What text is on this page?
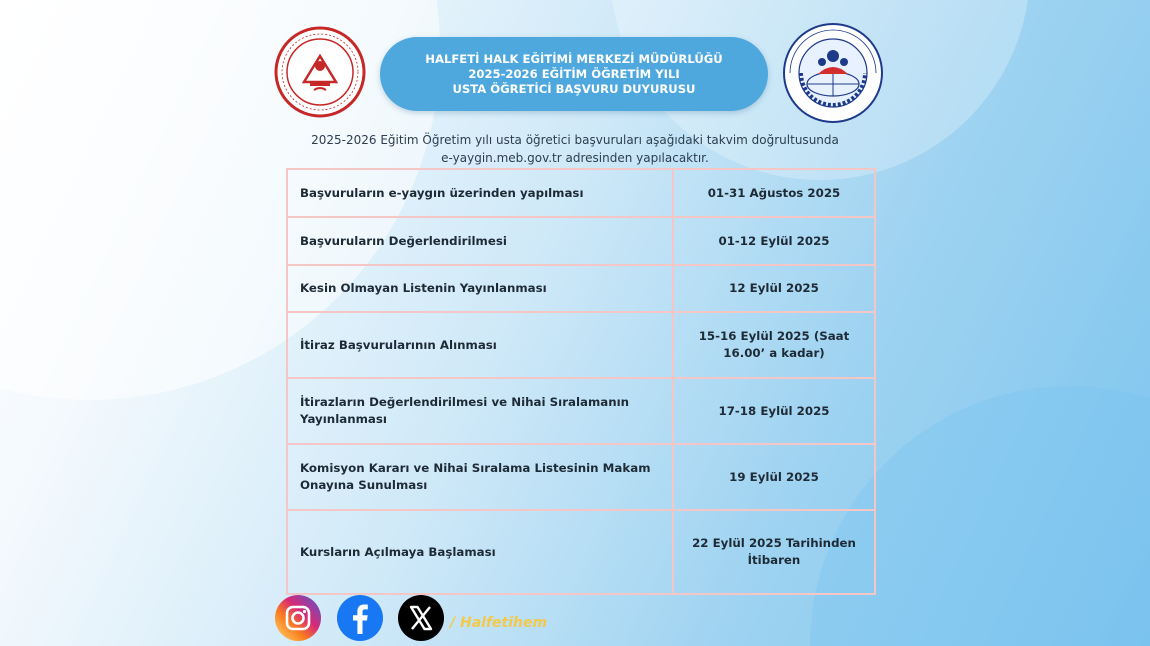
HALFETİ HALK EĞİTİMİ MERKEZİ MÜDÜRLÜĞÜ
2025-2026 EĞİTİM ÖĞRETİM YILI
USTA ÖĞRETİCİ BAŞVURU DUYURUSU
2025-2026 Eğitim Öğretim yılı usta öğretici başvuruları aşağıdaki takvim doğrultusunda
e-yaygin.meb.gov.tr adresinden yapılacaktır.
Başvuruların e-yaygın üzerinden yapılması	01-31 Ağustos 2025
Başvuruların Değerlendirilmesi	01-12 Eylül 2025
Kesin Olmayan Listenin Yayınlanması	12 Eylül 2025
İtiraz Başvurularının Alınması	15-16 Eylül 2025 (Saat 16.00’ a kadar)
İtirazların Değerlendirilmesi ve Nihai Sıralamanın Yayınlanması	17-18 Eylül 2025
Komisyon Kararı ve Nihai Sıralama Listesinin Makam Onayına Sunulması	19 Eylül 2025
Kursların Açılmaya Başlaması	22 Eylül 2025 Tarihinden İtibaren
/ Halfetihem
